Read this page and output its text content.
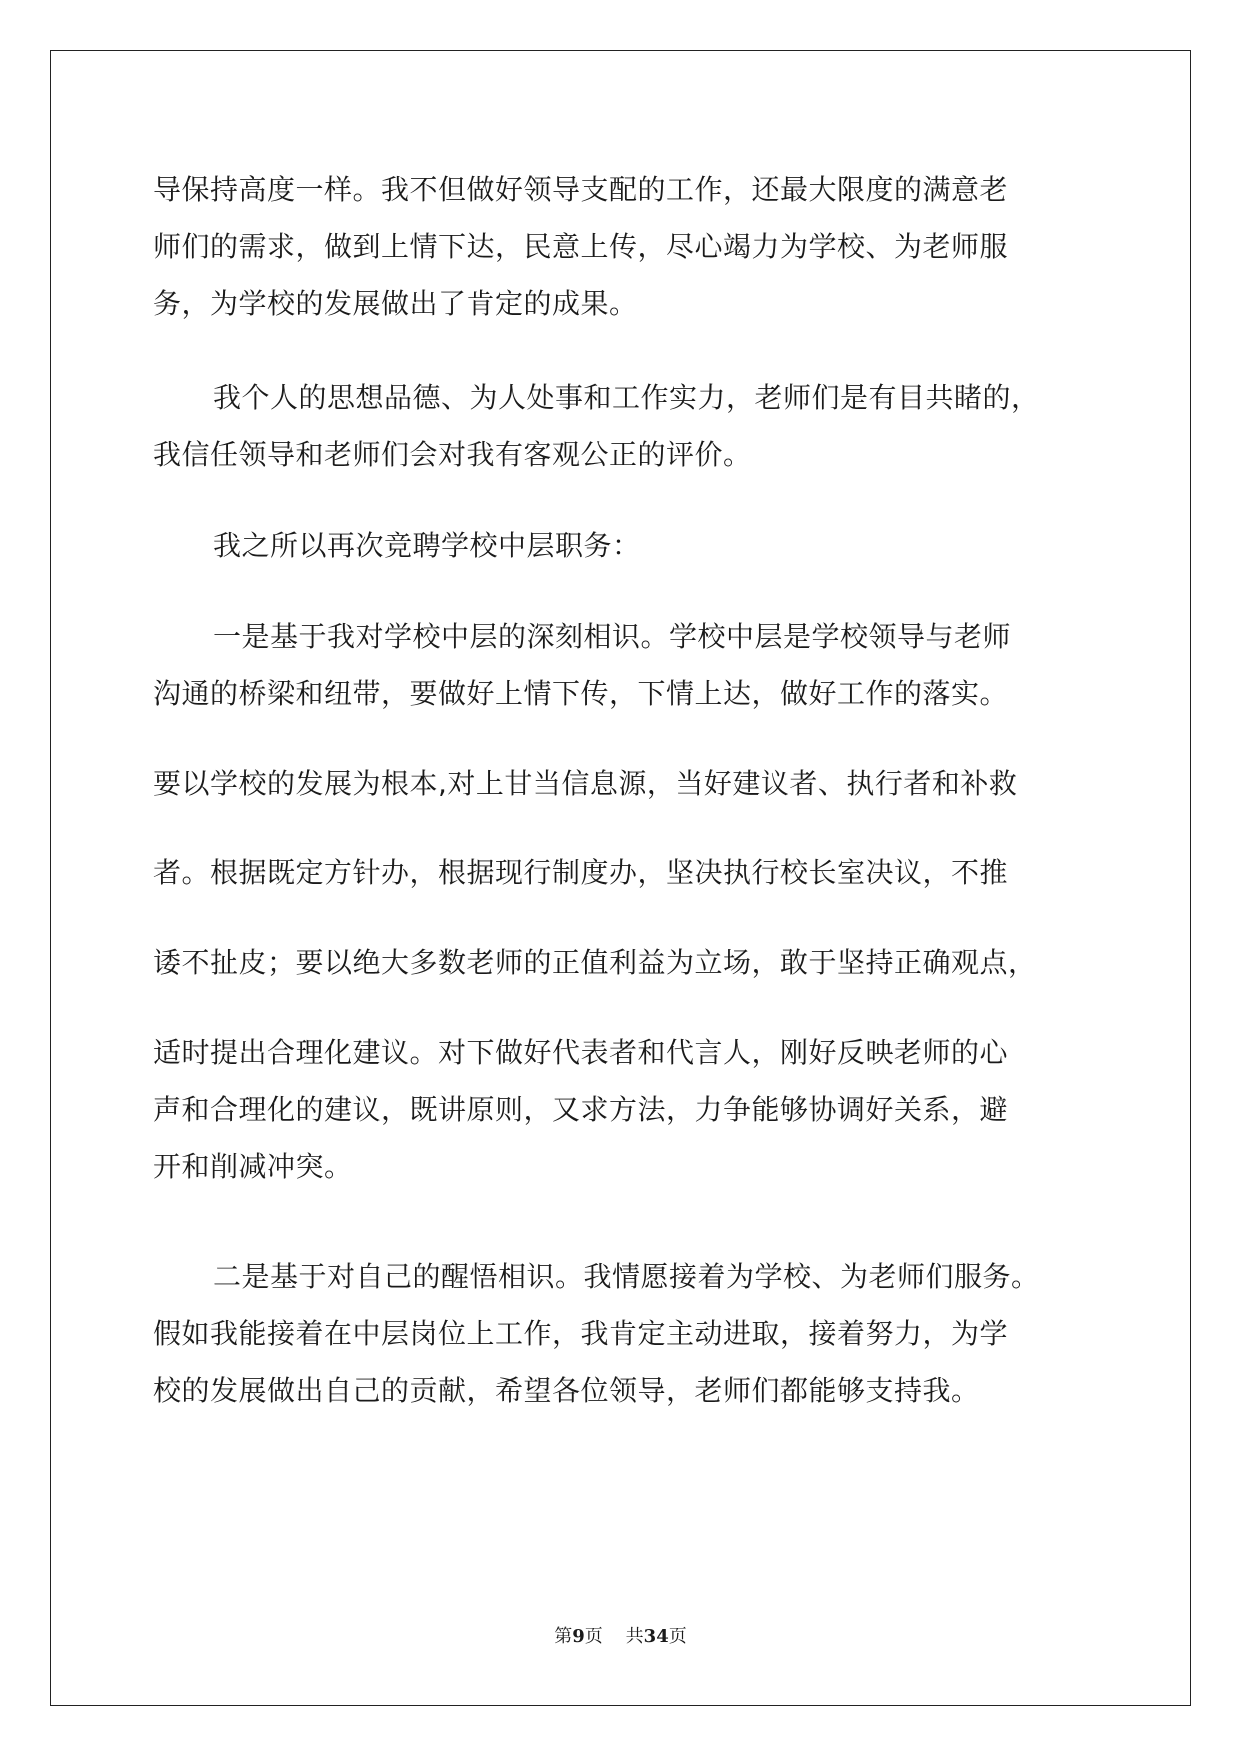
导保持高度一样。我不但做好领导支配的工作，还最大限度的满意老
师们的需求，做到上情下达，民意上传，尽心竭力为学校、为老师服
务，为学校的发展做出了肯定的成果。
我个人的思想品德、为人处事和工作实力，老师们是有目共睹的，
我信任领导和老师们会对我有客观公正的评价。
我之所以再次竞聘学校中层职务：
一是基于我对学校中层的深刻相识。学校中层是学校领导与老师
沟通的桥梁和纽带，要做好上情下传，下情上达，做好工作的落实。
要以学校的发展为根本,对上甘当信息源，当好建议者、执行者和补救
者。根据既定方针办，根据现行制度办，坚决执行校长室决议，不推
诿不扯皮；要以绝大多数老师的正值利益为立场，敢于坚持正确观点，
适时提出合理化建议。对下做好代表者和代言人，刚好反映老师的心
声和合理化的建议，既讲原则，又求方法，力争能够协调好关系，避
开和削减冲突。
二是基于对自己的醒悟相识。我情愿接着为学校、为老师们服务。
假如我能接着在中层岗位上工作，我肯定主动进取，接着努力，为学
校的发展做出自己的贡献，希望各位领导，老师们都能够支持我。
第9页 共34页
